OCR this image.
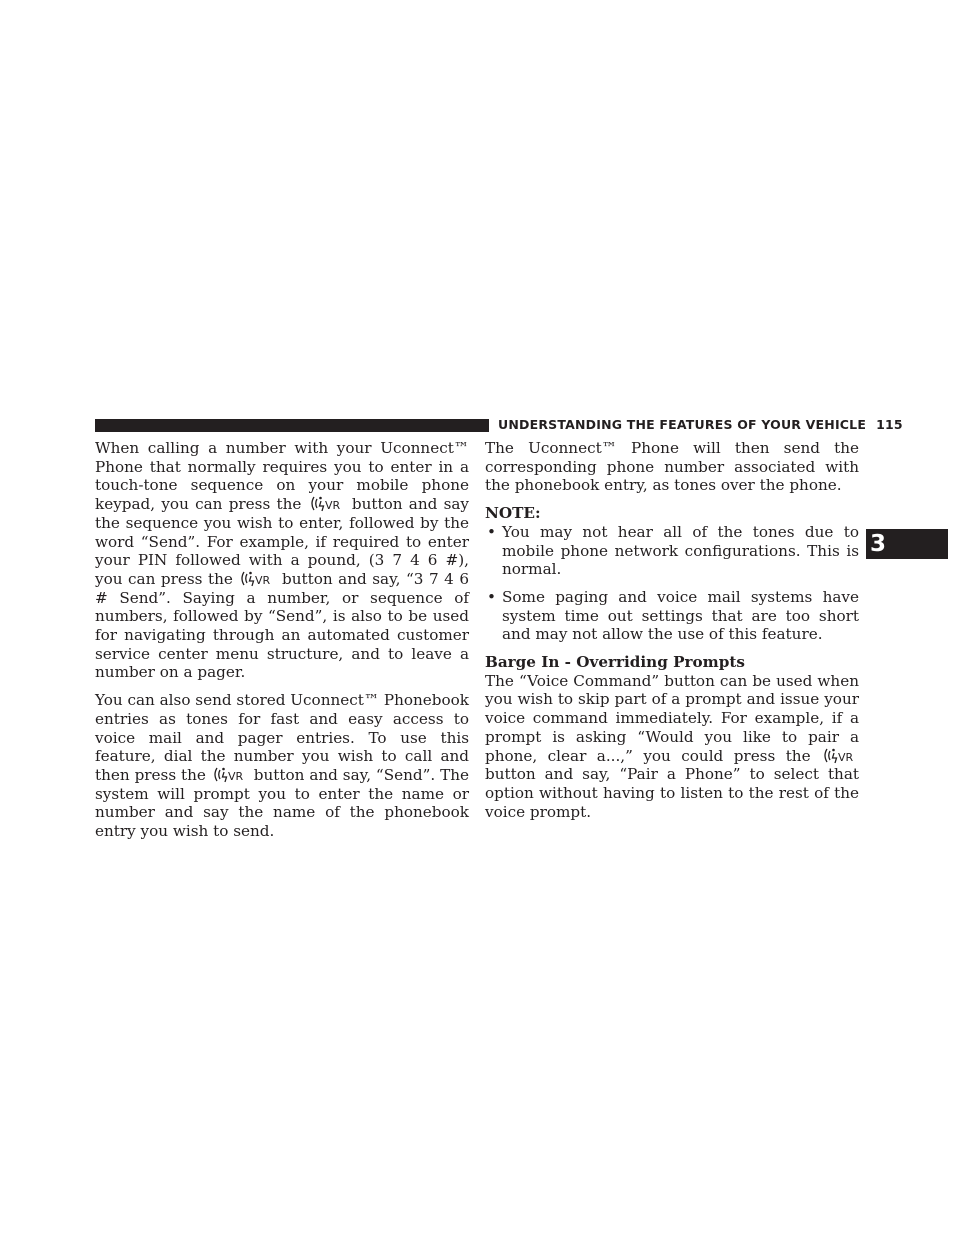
UNDERSTANDING THE FEATURES OF YOUR VEHICLE 115
3

When calling a number with your Uconnect™ Phone that normally requires you to enter in a touch-tone sequence on your mobile phone keypad, you can press the VR button and say the sequence you wish to enter, followed by the word “Send”. For example, if required to enter your PIN followed with a pound, (3 7 4 6 #), you can press the VR button and say, “3 7 4 6 # Send”. Saying a number, or sequence of numbers, followed by “Send”, is also to be used for navigating through an automated customer service center menu structure, and to leave a number on a pager.

You can also send stored Uconnect™ Phonebook entries as tones for fast and easy access to voice mail and pager entries. To use this feature, dial the number you wish to call and then press the VR button and say, “Send”. The system will prompt you to enter the name or number and say the name of the phonebook entry you wish to send.

The Uconnect™ Phone will then send the corresponding phone number associated with the phonebook entry, as tones over the phone.

NOTE:

• You may not hear all of the tones due to mobile phone network configurations. This is normal.
• Some paging and voice mail systems have system time out settings that are too short and may not allow the use of this feature.

Barge In - Overriding Prompts

The “Voice Command” button can be used when you wish to skip part of a prompt and issue your voice command immediately. For example, if a prompt is asking “Would you like to pair a phone, clear a...,” you could press the VR
button and say, “Pair a Phone” to select that option without having to listen to the rest of the voice prompt.
